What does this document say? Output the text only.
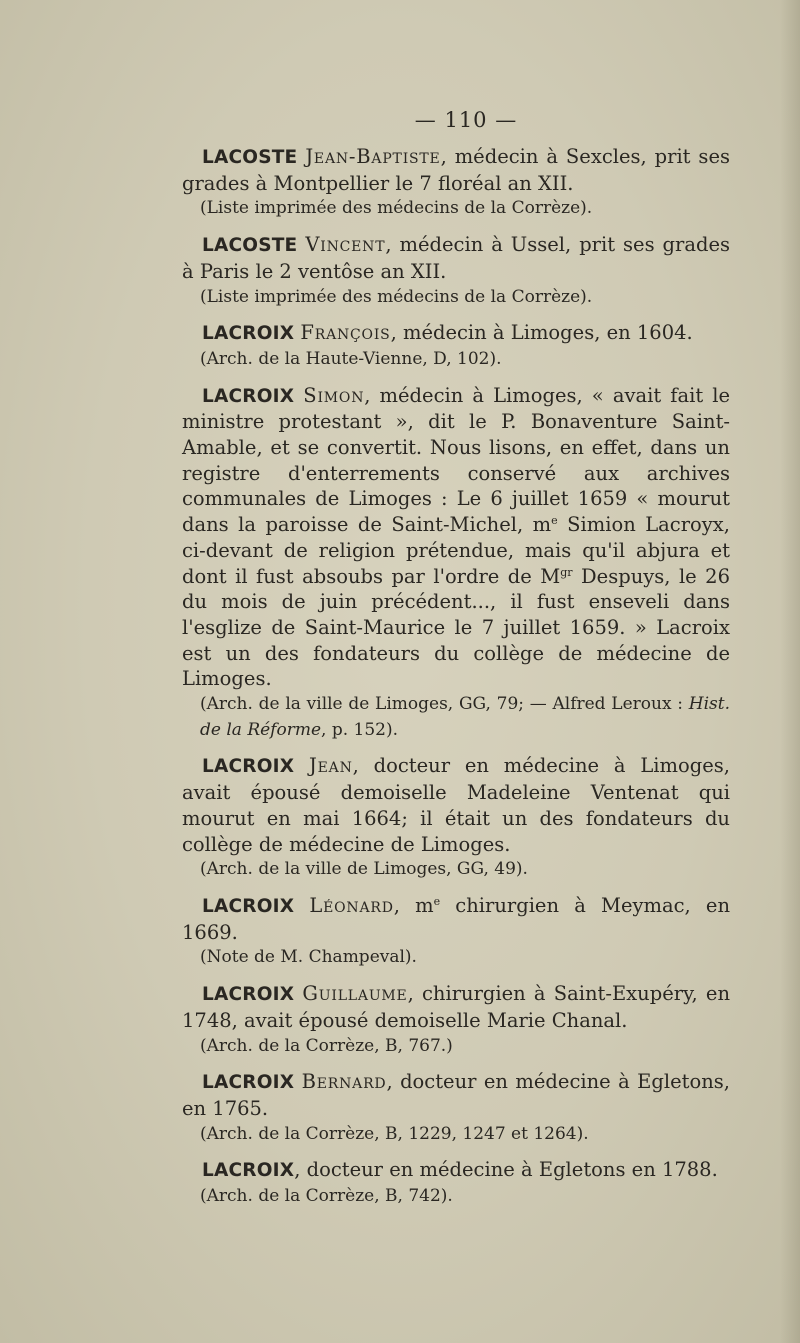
— 110 —

LACOSTE Jean-Baptiste, médecin à Sexcles, prit ses grades à Montpellier le 7 floréal an XII.

(Liste imprimée des médecins de la Corrèze).

LACOSTE Vincent, médecin à Ussel, prit ses grades à Paris le 2 ventôse an XII.

(Liste imprimée des médecins de la Corrèze).

LACROIX François, médecin à Limoges, en 1604.

(Arch. de la Haute-Vienne, D, 102).

LACROIX Simon, médecin à Limoges, « avait fait le ministre protestant », dit le P. Bonaventure Saint-Amable, et se convertit. Nous lisons, en effet, dans un registre d'enterrements conservé aux archives communales de Limoges : Le 6 juillet 1659 « mourut dans la paroisse de Saint-Michel, $m^e$ Simion Lacroyx, ci-devant de religion prétendue, mais qu'il abjura et dont il fust absoubs par l'ordre de $M^{gr}$ Despuys, le 26 du mois de juin précédent..., il fust enseveli dans l'esglize de Saint-Maurice le 7 juillet 1659. » Lacroix est un des fondateurs du collège de médecine de Limoges.

(Arch. de la ville de Limoges, GG, 79; — Alfred Leroux : Hist. de la Réforme, p. 152).

LACROIX Jean, docteur en médecine à Limoges, avait épousé demoiselle Madeleine Ventenat qui mourut en mai 1664; il était un des fondateurs du collège de médecine de Limoges.

(Arch. de la ville de Limoges, GG, 49).

LACROIX Léonard, $m^e$ chirurgien à Meymac, en 1669.

(Note de M. Champeval).

LACROIX Guillaume, chirurgien à Saint-Exupéry, en 1748, avait épousé demoiselle Marie Chanal.

(Arch. de la Corrèze, B, 767.)

LACROIX Bernard, docteur en médecine à Egletons, en 1765.

(Arch. de la Corrèze, B, 1229, 1247 et 1264).

LACROIX, docteur en médecine à Egletons en 1788.

(Arch. de la Corrèze, B, 742).
